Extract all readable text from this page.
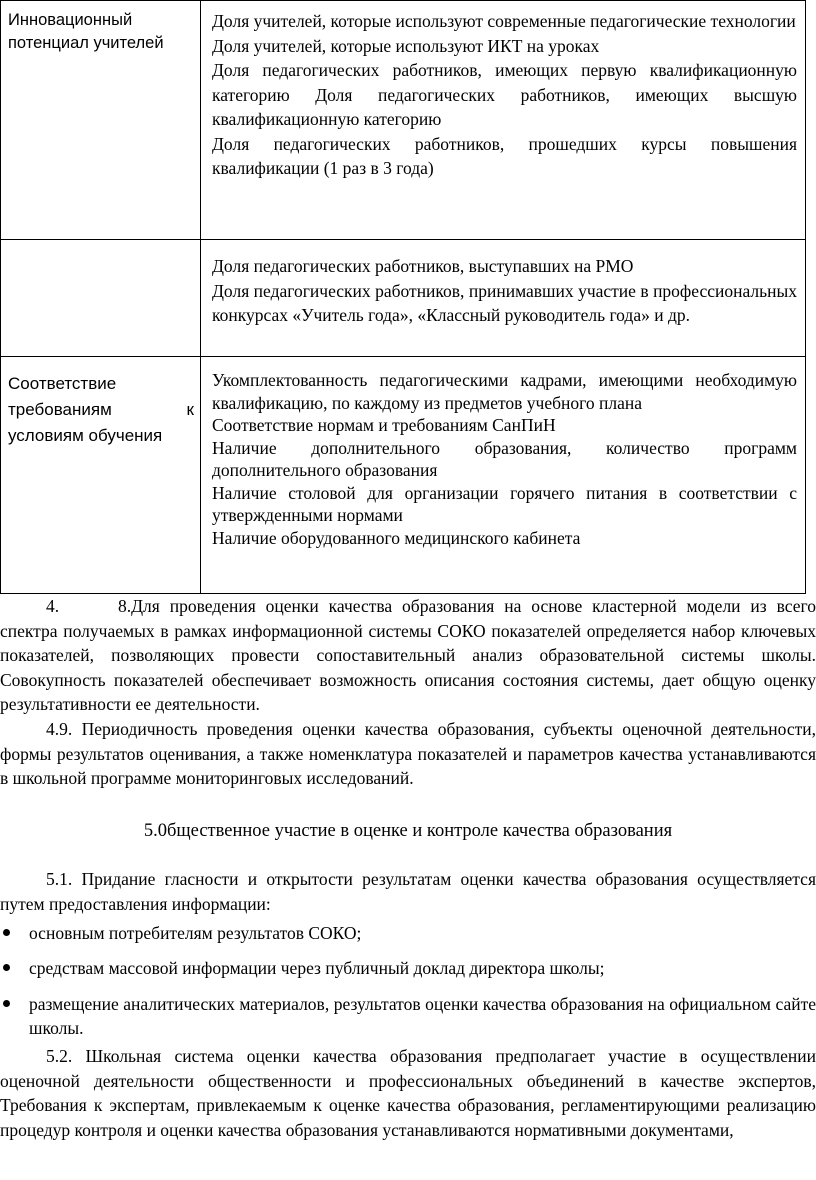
Инновационный потенциал учителей

Доля учителей, которые используют современные педагогические технологии

Доля учителей, которые используют ИКТ на уроках

Доля педагогических работников, имеющих первую квалификационную категорию Доля педагогических работников, имеющих высшую квалификационную категорию

Доля педагогических работников, прошедших курсы повышения квалификации (1 раз в 3 года)

Доля педагогических работников, выступавших на РМО

Доля педагогических работников, принимавших участие в профессиональных конкурсах «Учитель года», «Классный руководитель года» и др.

Соответствие требованиям к условиям обучения

Укомплектованность педагогическими кадрами, имеющими необходимую квалификацию, по каждому из предметов учебного плана

Соответствие нормам и требованиям СанПиН

Наличие дополнительного образования, количество программ дополнительного образования

Наличие столовой для организации горячего питания в соответствии с утвержденными нормами

Наличие оборудованного медицинского кабинета

4.	8.Для проведения оценки качества образования на основе кластерной модели из всего спектра получаемых в рамках информационной системы СОКО показателей определяется набор ключевых показателей, позволяющих провести сопоставительный анализ образовательной системы школы. Совокупность показателей обеспечивает возможность описания состояния системы, дает общую оценку результативности ее деятельности.

4.9. Периодичность проведения оценки качества образования, субъекты оценочной деятельности, формы результатов оценивания, а также номенклатура показателей и параметров качества устанавливаются в школьной программе мониторинговых исследований.

5.0бщественное участие в оценке и контроле качества образования

5.1. Придание гласности и открытости результатам оценки качества образования осуществляется путем предоставления информации:

основным потребителям результатов СОКО;
средствам массовой информации через публичный доклад директора школы;
размещение аналитических материалов, результатов оценки качества образования на официальном сайте школы.

5.2. Школьная система оценки качества образования предполагает участие в осуществлении оценочной деятельности общественности и профессиональных объединений в качестве экспертов, Требования к экспертам, привлекаемым к оценке качества образования, регламентирующими реализацию процедур контроля и оценки качества образования устанавливаются нормативными документами,
